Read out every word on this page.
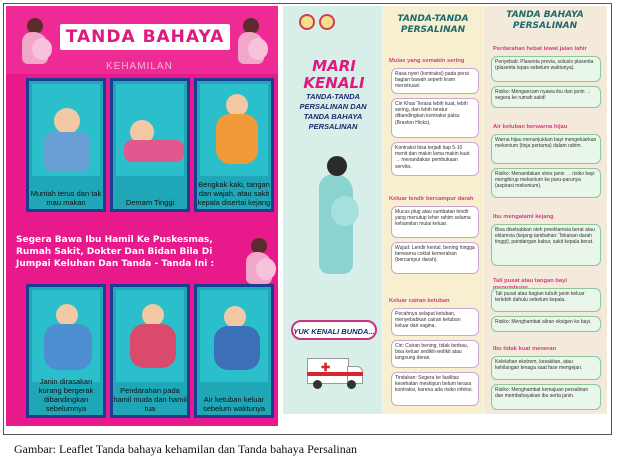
TANDA BAHAYA
KEHAMILAN
Muntah terus dan tak mau makan	Demam Tinggi
Bengkak kaki, tangan dan wajah, atau sakit kepala disertai kejang
Segera Bawa Ibu Hamil Ke Puskesmas, Rumah Sakit, Dokter Dan Bidan Bila Di Jumpai Keluhan Dan Tanda - Tanda Ini :
Janin dirasakan kurang bergerak dibandingkan sebelumnya
Pendarahan pada hamil muda dan hamil tua
Air ketuban keluar sebelum waktunya
MARI KENALI
TANDA-TANDA PERSALINAN DAN TANDA BAHAYA PERSALINAN
YUK KENALI BUNDA...
✚
TANDA-TANDA PERSALINAN
Mulas yang semakin sering
Rasa nyeri (kontraksi) pada perut bagian bawah seperti kram menstruasi
Ciri Khas Terasa lebih kuat, lebih sering, dan lebih teratur dibandingkan kontraksi palsu (Braxton Hicks).
Kontraksi bisa terjadi tiap 5-10 menit dan makin lama makin kuat → menandakan pembukaan serviks.
Keluar lendir bercampur darah
Mucus plug atau sumbatan lendir yang menutup leher rahim selama kehamilan mulai keluar.
Wujud: Lendir kental, bening hingga berwarna coklat kemerahan (bercampur darah).
Keluar cairan ketuban
Pecahnya selaput ketuban, menyebabkan cairan ketuban keluar dari vagina.
Ciri: Cairan bening, tidak berbau, bisa keluar sedikit-sedikit atau langsung deras.
Tindakan: Segera ke fasilitas kesehatan meskipun belum terasa kontraksi, karena ada risiko infeksi.
TANDA BAHAYA PERSALINAN
Perdarahan hebat lewat jalan lahir
Penyebab: Plasenta previa, solusio plasenta (plasenta lepas sebelum waktunya).
Risiko: Mengancam nyawa ibu dan janin → segera ke rumah sakit!
Air ketuban berwarna hijau
Warna hijau menunjukkan bayi mengeluarkan mekonium (tinja pertama) dalam rahim.
Risiko: Menandakan stres janin → risiko bayi menghirup mekonium ke paru-parunya (aspirasi mekonium).
Ibu mengalami kejang
Bisa disebabkan oleh preeklamsia berat atau eklamsia (kejang tambahan: Tekanan darah tinggi), pandangan kabur, sakit kepala berat.
Tali pusat atau tangan bayi
Tali pusat atau bagian tubuh janin keluar terlebih dahulu sebelum kepala.
Risiko: Menghambat aliran oksigen ke bayi.
Ibu tidak kuat meneran
Kelelahan ekstrem, kesakitan, atau kehilangan tenaga saat fase mengejan.
Risiko: Menghambat kemajuan persalinan dan membahayakan ibu serta janin.
Gambar: Leaflet Tanda bahaya kehamilan dan Tanda bahaya Persalinan
